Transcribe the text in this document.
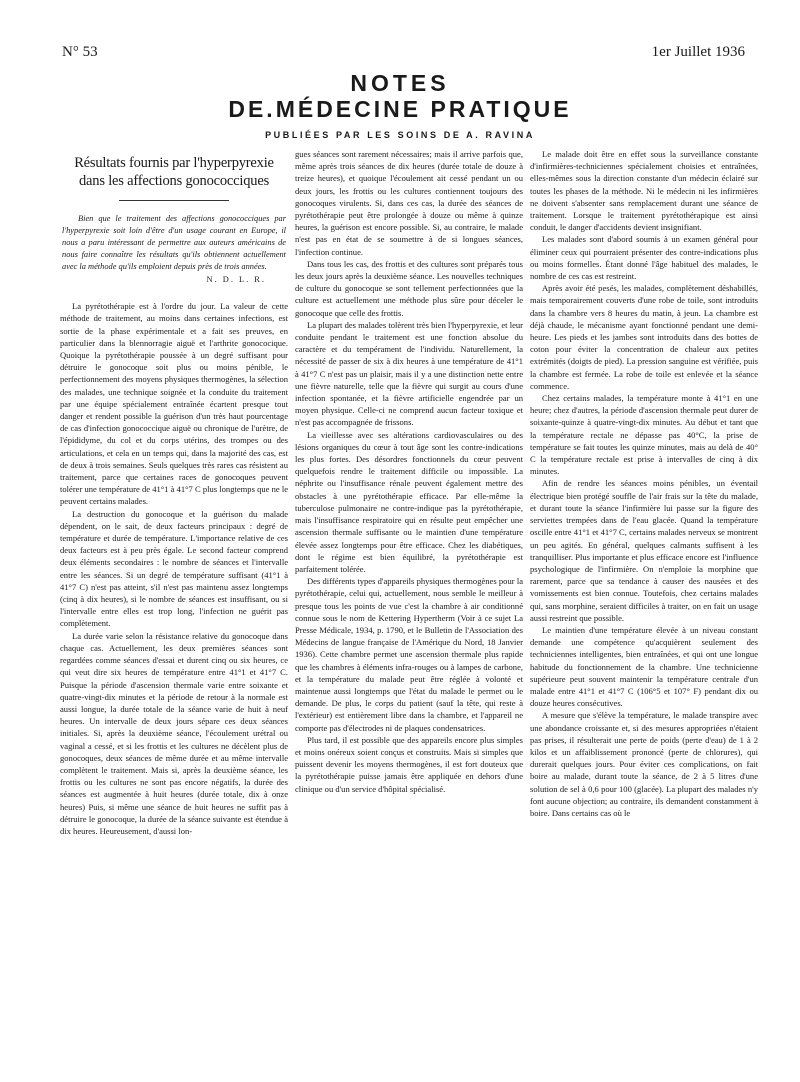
N° 53	1er Juillet 1936
NOTES
DE.MÉDECINE PRATIQUE
PUBLIÉES PAR LES SOINS DE A. RAVINA
Résultats fournis par l'hyperpyrexie
dans les affections gonococciques
Bien que le traitement des affections gonococciques par l'hyperpyrexie soit loin d'être d'un usage courant en Europe, il nous a paru intéressant de permettre aux auteurs américains de nous faire connaître les résultats qu'ils obtiennent actuellement avec la méthode qu'ils emploient depuis près de trois années.
N. D. L. R.

La pyrétothérapie est à l'ordre du jour. La valeur de cette méthode de traitement, au moins dans certaines infections, est sortie de la phase expérimentale et a fait ses preuves, en particulier dans la blennorragie aiguë et l'arthrite gonococique. Quoique la pyrétothérapie poussée à un degré suffisant pour détruire le gonocoque soit plus ou moins pénible, le perfectionnement des moyens physiques thermogènes, la sélection des malades, une technique soignée et la conduite du traitement par une équipe spécialement entraînée écartent presque tout danger et rendent possible la guérison d'un très haut pourcentage de cas d'infection gonococcique aiguë ou chronique de l'urètre, de l'épididyme, du col et du corps utérins, des trompes ou des articulations, et cela en un temps qui, dans la majorité des cas, est de deux à trois semaines. Seuls quelques très rares cas résistent au traitement, parce que certaines races de gonocoques peuvent tolérer une température de 41°1 à 41°7 C plus longtemps que ne le peuvent certains malades.

La destruction du gonocoque et la guérison du malade dépendent, on le sait, de deux facteurs principaux : degré de température et durée de température. L'importance relative de ces deux facteurs est à peu près égale. Le second facteur comprend deux éléments secondaires : le nombre de séances et l'intervalle entre les séances. Si un degré de température suffisant (41°1 à 41°7 C) n'est pas atteint, s'il n'est pas maintenu assez longtemps (cinq à dix heures), si le nombre de séances est insuffisant, ou si l'intervalle entre elles est trop long, l'infection ne guérit pas complètement.

La durée varie selon la résistance relative du gonocoque dans chaque cas. Actuellement, les deux premières séances sont regardées comme séances d'essai et durent cinq ou six heures, ce qui veut dire six heures de température entre 41°1 et 41°7 C. Puisque la période d'ascension thermale varie entre soixante et quatre-vingt-dix minutes et la période de retour à la normale est aussi longue, la durée totale de la séance varie de huit à neuf heures. Un intervalle de deux jours sépare ces deux séances initiales. Si, après la deuxième séance, l'écoulement urétral ou vaginal a cessé, et si les frottis et les cultures ne décèlent plus de gonocoques, deux séances de même durée et au même intervalle complètent le traitement. Mais si, après la deuxième séance, les frottis ou les cultures ne sont pas encore négatifs, la durée des séances est augmentée à huit heures (durée totale, dix à onze heures) Puis, si même une séance de huit heures ne suffit pas à détruire le gonocoque, la durée de la séance suivante est étendue à dix heures. Heureusement, d'aussi lon-

gues séances sont rarement nécessaires; mais il arrive parfois que, même après trois séances de dix heures (durée totale de douze à treize heures), et quoique l'écoulement ait cessé pendant un ou deux jours, les frottis ou les cultures contiennent toujours des gonocoques virulents. Si, dans ces cas, la durée des séances de pyrétothérapie peut être prolongée à douze ou même à quinze heures, la guérison est encore possible. Si, au contraire, le malade n'est pas en état de se soumettre à de si longues séances, l'infection continue.

Dans tous les cas, des frottis et des cultures sont préparés tous les deux jours après la deuxième séance. Les nouvelles techniques de culture du gonocoque se sont tellement perfectionnées que la culture est actuellement une méthode plus sûre pour déceler le gonocoque que celle des frottis.

La plupart des malades tolèrent très bien l'hyperpyrexie, et leur conduite pendant le traitement est une fonction absolue du caractère et du tempérament de l'individu. Naturellement, la nécessité de passer de six à dix heures à une température de 41°1 à 41°7 C n'est pas un plaisir, mais il y a une distinction nette entre une fièvre naturelle, telle que la fièvre qui surgit au cours d'une infection spontanée, et la fièvre artificielle engendrée par un moyen physique. Celle-ci ne comprend aucun facteur toxique et n'est pas accompagnée de frissons.

La vieillesse avec ses altérations cardiovasculaires ou des lésions organiques du cœur à tout âge sont les contre-indications les plus fortes. Des désordres fonctionnels du cœur peuvent quelquefois rendre le traitement difficile ou impossible. La néphrite ou l'insuffisance rénale peuvent également mettre des obstacles à une pyrétothérapie efficace. Par elle-même la tuberculose pulmonaire ne contre-indique pas la pyrétothérapie, mais l'insuffisance respiratoire qui en résulte peut empêcher une ascension thermale suffisante ou le maintien d'une température élevée assez longtemps pour être efficace. Chez les diabétiques, dont le régime est bien équilibré, la pyrétothérapie est parfaitement tolérée.

Des différents types d'appareils physiques thermogènes pour la pyrétothérapie, celui qui, actuellement, nous semble le meilleur à presque tous les points de vue c'est la chambre à air conditionné connue sous le nom de Kettering Hypertherm (Voir à ce sujet La Presse Médicale, 1934, p. 1790, et le Bulletin de l'Association des Médecins de langue française de l'Amérique du Nord, 18 Janvier 1936). Cette chambre permet une ascension thermale plus rapide que les chambres à éléments infra-rouges ou à lampes de carbone, et la température du malade peut être réglée à volonté et maintenue aussi longtemps que l'état du malade le permet ou le demande. De plus, le corps du patient (sauf la tête, qui reste à l'extérieur) est entièrement libre dans la chambre, et l'appareil ne comporte pas d'électrodes ni de plaques condensatrices.

Plus tard, il est possible que des appareils encore plus simples et moins onéreux soient conçus et construits. Mais si simples que puissent devenir les moyens thermogènes, il est fort douteux que la pyrétothérapie puisse jamais être appliquée en dehors d'une clinique ou d'un service d'hôpital spécialisé.

Le malade doit être en effet sous la surveillance constante d'infirmières-techniciennes spécialement choisies et entraînées, elles-mêmes sous la direction constante d'un médecin éclairé sur toutes les phases de la méthode. Ni le médecin ni les infirmières ne doivent s'absenter sans remplacement durant une séance de traitement. Lorsque le traitement pyrétothérapique est ainsi conduit, le danger d'accidents devient insignifiant.

Les malades sont d'abord soumis à un examen général pour éliminer ceux qui pourraient présenter des contre-indications plus ou moins formelles. Étant donné l'âge habituel des malades, le nombre de ces cas est restreint.

Après avoir été pesés, les malades, complètement déshabillés, mais temporairement couverts d'une robe de toile, sont introduits dans la chambre vers 8 heures du matin, à jeun. La chambre est déjà chaude, le mécanisme ayant fonctionné pendant une demi-heure. Les pieds et les jambes sont introduits dans des bottes de coton pour éviter la concentration de chaleur aux petites extrémités (doigts de pied). La pression sanguine est vérifiée, puis la chambre est fermée. La robe de toile est enlevée et la séance commence.

Chez certains malades, la température monte à 41°1 en une heure; chez d'autres, la période d'ascension thermale peut durer de soixante-quinze à quatre-vingt-dix minutes. Au début et tant que la température rectale ne dépasse pas 40°C, la prise de température se fait toutes les quinze minutes, mais au delà de 40° C la température rectale est prise à intervalles de cinq à dix minutes.

Afin de rendre les séances moins pénibles, un éventail électrique bien protégé souffle de l'air frais sur la tête du malade, et durant toute la séance l'infirmière lui passe sur la figure des serviettes trempées dans de l'eau glacée. Quand la température oscille entre 41°1 et 41°7 C, certains malades nerveux se montrent un peu agités. En général, quelques calmants suffisent à les tranquilliser. Plus importante et plus efficace encore est l'influence psychologique de l'infirmière. On n'emploie la morphine que rarement, parce que sa tendance à causer des nausées et des vomissements est bien connue. Toutefois, chez certains malades qui, sans morphine, seraient difficiles à traiter, on en fait un usage aussi restreint que possible.

Le maintien d'une température élevée à un niveau constant demande une compétence qu'acquièrent seulement des techniciennes intelligentes, bien entraînées, et qui ont une longue habitude du fonctionnement de la chambre. Une technicienne supérieure peut souvent maintenir la température centrale d'un malade entre 41°1 et 41°7 C (106°5 et 107° F) pendant dix ou douze heures consécutives.

A mesure que s'élève la température, le malade transpire avec une abondance croissante et, si des mesures appropriées n'étaient pas prises, il résulterait une perte de poids (perte d'eau) de 1 à 2 kilos et un affaiblissement prononcé (perte de chlorures), qui durerait quelques jours. Pour éviter ces complications, on fait boire au malade, durant toute la séance, de 2 à 5 litres d'une solution de sel à 0,6 pour 100 (glacée). La plupart des malades n'y font aucune objection; au contraire, ils demandent constamment à boire. Dans certains cas où le
